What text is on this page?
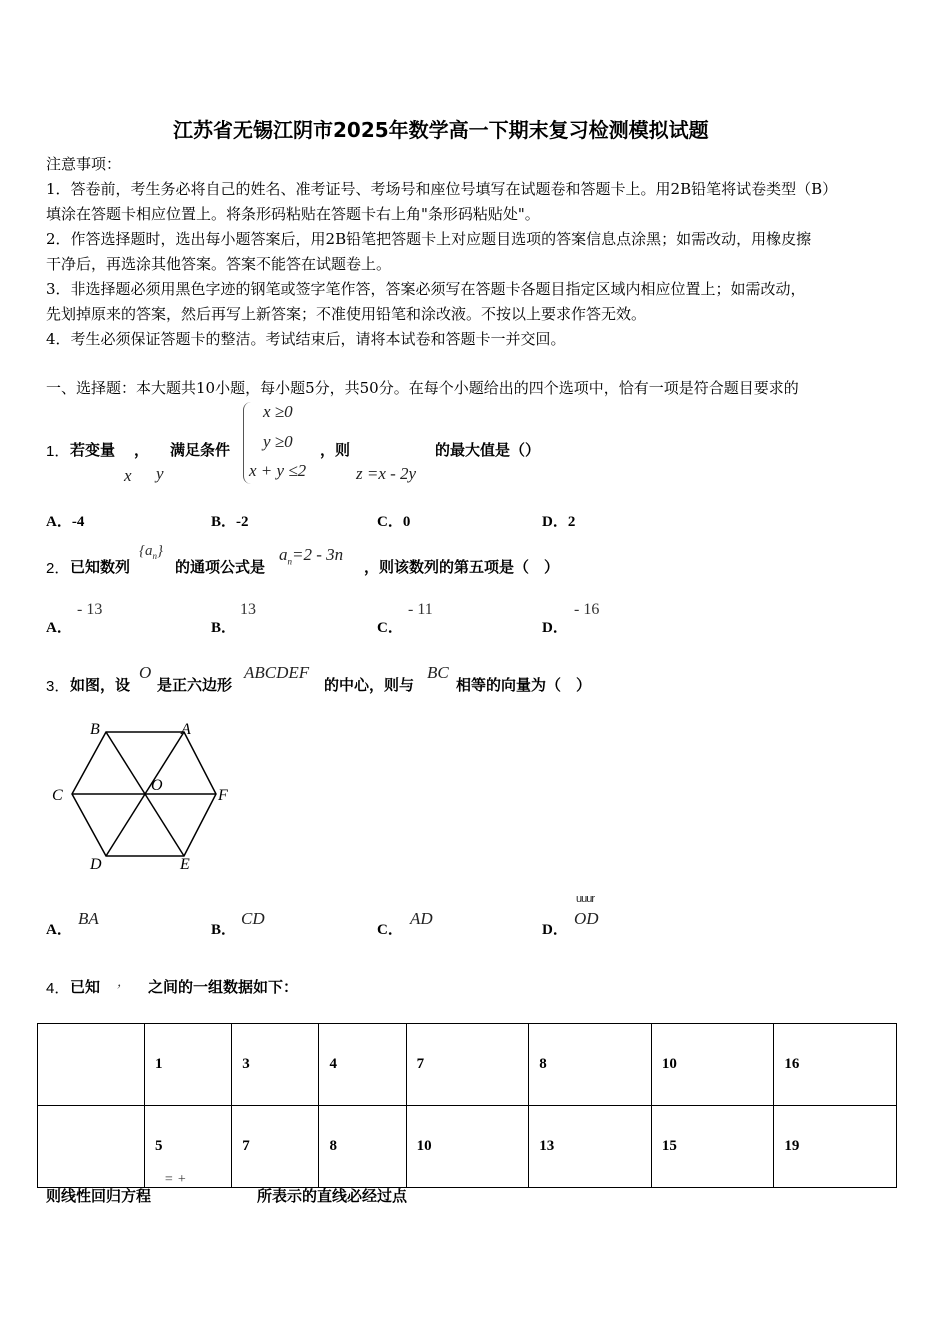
江苏省无锡江阴市2025年数学高一下期末复习检测模拟试题
注意事项：
1．答卷前，考生务必将自己的姓名、准考证号、考场号和座位号填写在试题卷和答题卡上。用2B铅笔将试卷类型（B）
填涂在答题卡相应位置上。将条形码粘贴在答题卡右上角"条形码粘贴处"。
2．作答选择题时，选出每小题答案后，用2B铅笔把答题卡上对应题目选项的答案信息点涂黑；如需改动，用橡皮擦
干净后，再选涂其他答案。答案不能答在试题卷上。
3．非选择题必须用黑色字迹的钢笔或签字笔作答，答案必须写在答题卡各题目指定区域内相应位置上；如需改动，
先划掉原来的答案，然后再写上新答案；不准使用铅笔和涂改液。不按以上要求作答无效。
4．考生必须保证答题卡的整洁。考试结束后，请将本试卷和答题卡一并交回。
一、选择题：本大题共10小题，每小题5分，共50分。在每个小题给出的四个选项中，恰有一项是符合题目要求的
1． 若变量 ， 满足条件
x y
x ≥0
y ≥0
x + y ≤2
，则
z =x - 2y
的最大值是（）
A．-4	B．-2	C．0	D．2
2． 已知数列
$\{a_n\}$
的通项公式是
$a_n=2 - 3n$
，则该数列的第五项是（　）
A．
- 13
B．
13
C．
- 11
D．
- 16
3． 如图，设
O
是正六边形
ABCDEF
的中心，则与
BC
相等的向量为（　）
A
B
C
D	E
F
O
A．
BA
B．
CD
C．
AD
D．
uuur
OD
4． 已知 ， 之间的一组数据如下：
	1	3	4	7	8	10	16
	5	7	8	10	13	15	19
则线性回归方程
= +
所表示的直线必经过点
